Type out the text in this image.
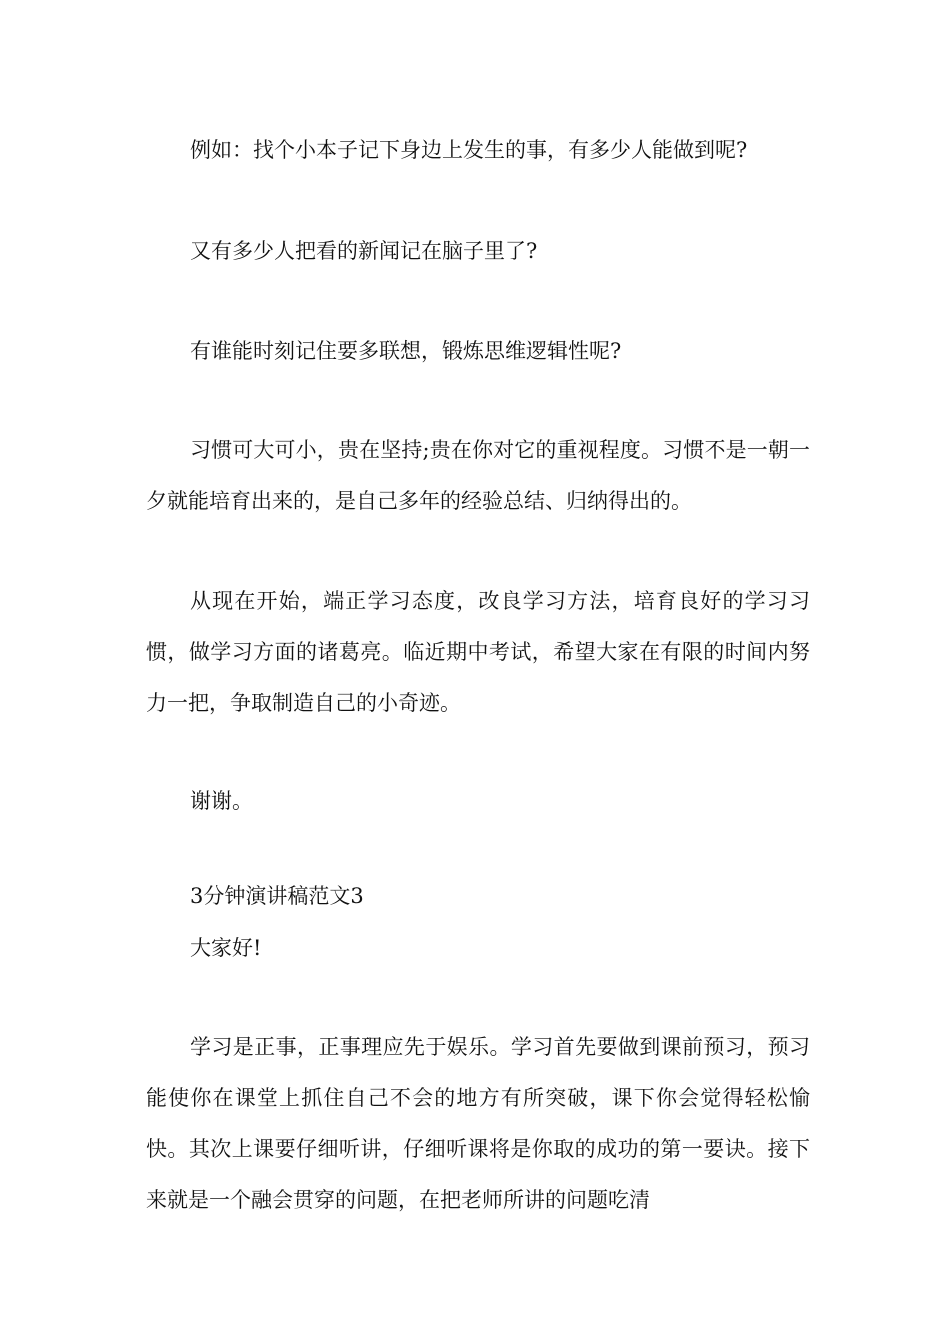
例如：找个小本子记下身边上发生的事，有多少人能做到呢?

又有多少人把看的新闻记在脑子里了?

有谁能时刻记住要多联想，锻炼思维逻辑性呢?

习惯可大可小，贵在坚持;贵在你对它的重视程度。习惯不是一朝一夕就能培育出来的，是自己多年的经验总结、归纳得出的。

从现在开始，端正学习态度，改良学习方法，培育良好的学习习惯，做学习方面的诸葛亮。临近期中考试，希望大家在有限的时间内努力一把，争取制造自己的小奇迹。

谢谢。

3分钟演讲稿范文3

大家好!

学习是正事，正事理应先于娱乐。学习首先要做到课前预习，预习能使你在课堂上抓住自己不会的地方有所突破，课下你会觉得轻松愉快。其次上课要仔细听讲，仔细听课将是你取的成功的第一要诀。接下来就是一个融会贯穿的问题，在把老师所讲的问题吃清
